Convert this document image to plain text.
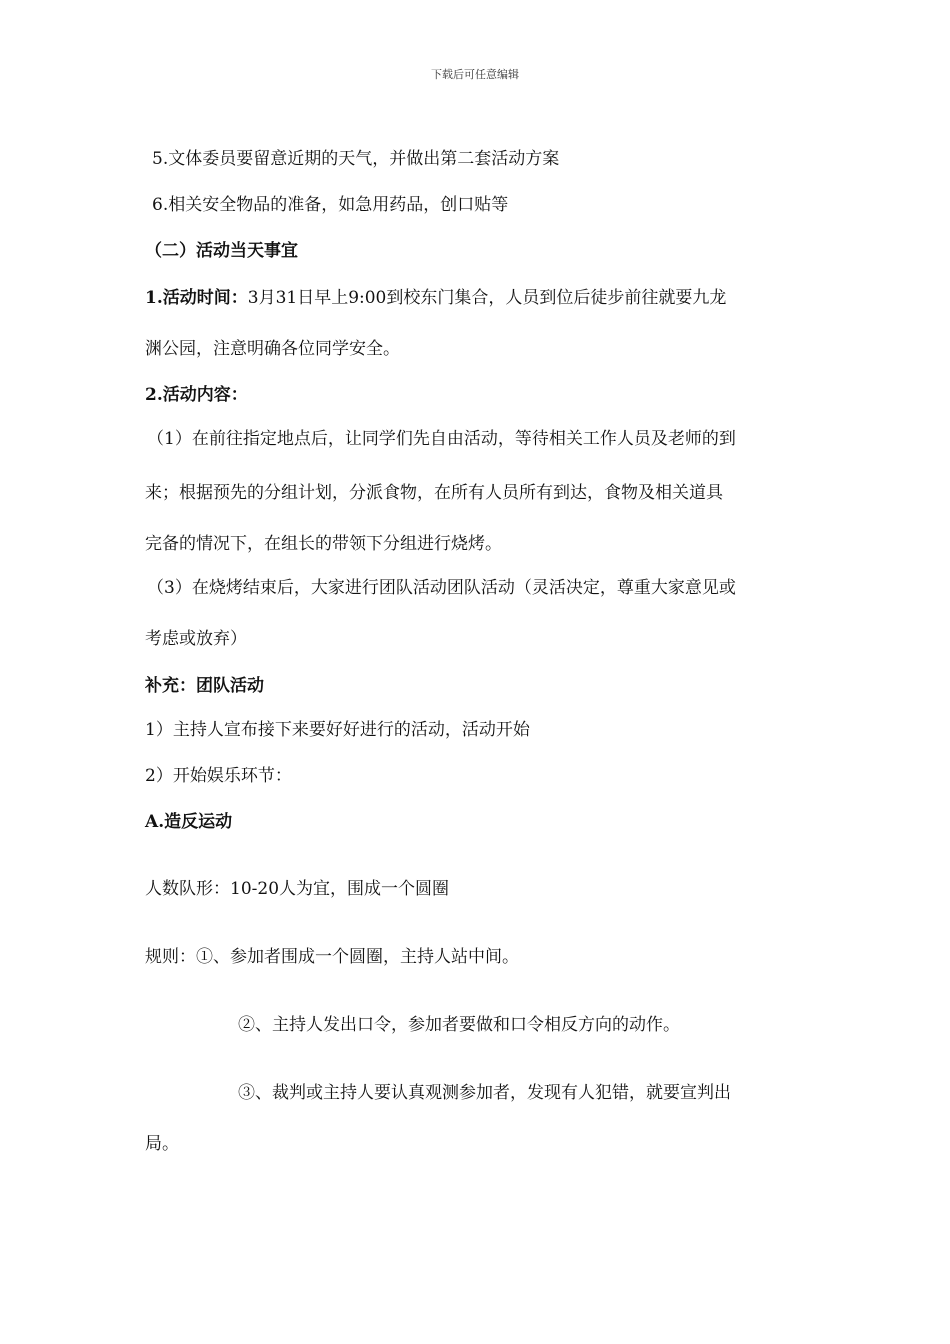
下载后可任意编辑
5.文体委员要留意近期的天气，并做出第二套活动方案
6.相关安全物品的准备，如急用药品，创口贴等
（二）活动当天事宜
1.活动时间：3月31日早上9:00到校东门集合，人员到位后徒步前往就要九龙
渊公园，注意明确各位同学安全。
2.活动内容：
（1）在前往指定地点后，让同学们先自由活动，等待相关工作人员及老师的到
来；根据预先的分组计划，分派食物，在所有人员所有到达，食物及相关道具
完备的情况下，在组长的带领下分组进行烧烤。
（3）在烧烤结束后，大家进行团队活动团队活动（灵活决定，尊重大家意见或
考虑或放弃）
补充：团队活动
1）主持人宣布接下来要好好进行的活动，活动开始
2）开始娱乐环节：
A.造反运动
人数队形：10-20人为宜，围成一个圆圈
规则：①、参加者围成一个圆圈，主持人站中间。
②、主持人发出口令，参加者要做和口令相反方向的动作。
③、裁判或主持人要认真观测参加者，发现有人犯错，就要宣判出
局。
